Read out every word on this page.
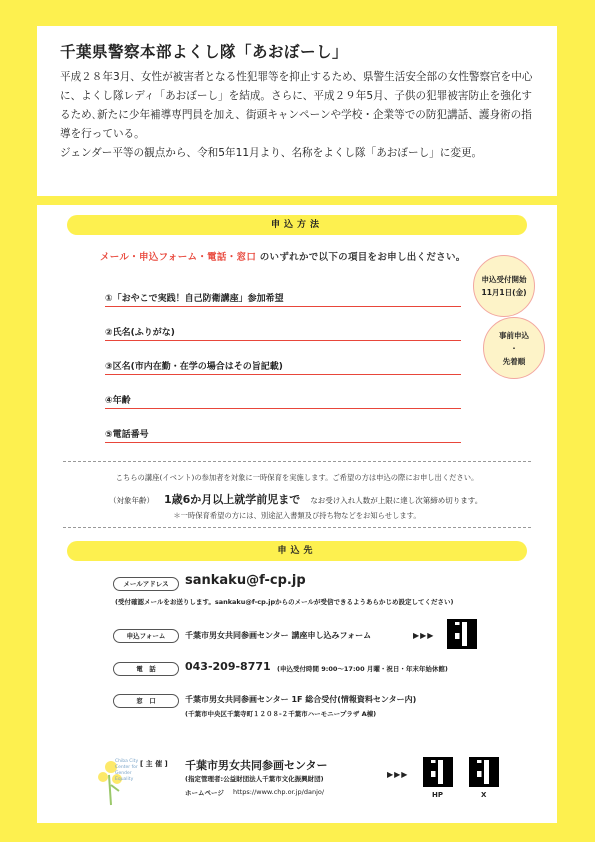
千葉県警察本部よくし隊「あおぼーし」

平成２８年3月、女性が被害者となる性犯罪等を抑止するため、県警生活安全部の女性警察官を中心に、よくし隊レディ「あおぼーし」を結成。さらに、平成２９年5月、子供の犯罪被害防止を強化するため､新たに少年補導専門員を加え、街頭キャンペーンや学校・企業等での防犯講話、護身術の指導を行っている。

ジェンダー平等の観点から、令和5年11月より、名称をよくし隊「あおぼーし」に変更。

申込方法
メール・申込フォーム・電話・窓口 のいずれかで以下の項目をお申し出ください。
①「おやこで実践！自己防衛講座」参加希望
②氏名(ふりがな)
③区名(市内在勤・在学の場合はその旨記載)
④年齢
⑤電話番号
申込受付開始
11月1日(金)
事前申込
・
先着順
こちらの講座(イベント)の参加者を対象に一時保育を実施します。ご希望の方は申込の際にお申し出ください。
（対象年齢） 1歳6か月以上就学前児まで なお受け入れ人数が上限に達し次第締め切ります。
＊一時保育希望の方には、別途記入書類及び持ち物などをお知らせします。
申込先
メールアドレス	sankaku@f-cp.jp
(受付確認メールをお送りします。sankaku@f-cp.jpからのメールが受信できるようあらかじめ設定してください)
申込フォーム	千葉市男女共同参画センター 講座申し込みフォーム	▶▶▶
電　話	043-209-8771 (申込受付時間 9:00～17:00 月曜・祝日・年末年始休館)
窓　口	千葉市男女共同参画センター 1F 総合受付(情報資料センター内)
(千葉市中央区千葉寺町１２０８-２千葉市ハーモニープラザ A棟)
Chiba City
Center for
Gender
Equality
[ 主 催 ] 千葉市男女共同参画センター
(指定管理者:公益財団法人千葉市文化振興財団)
ホームページ https://www.chp.or.jp/danjo/
▶▶▶
HP	X
